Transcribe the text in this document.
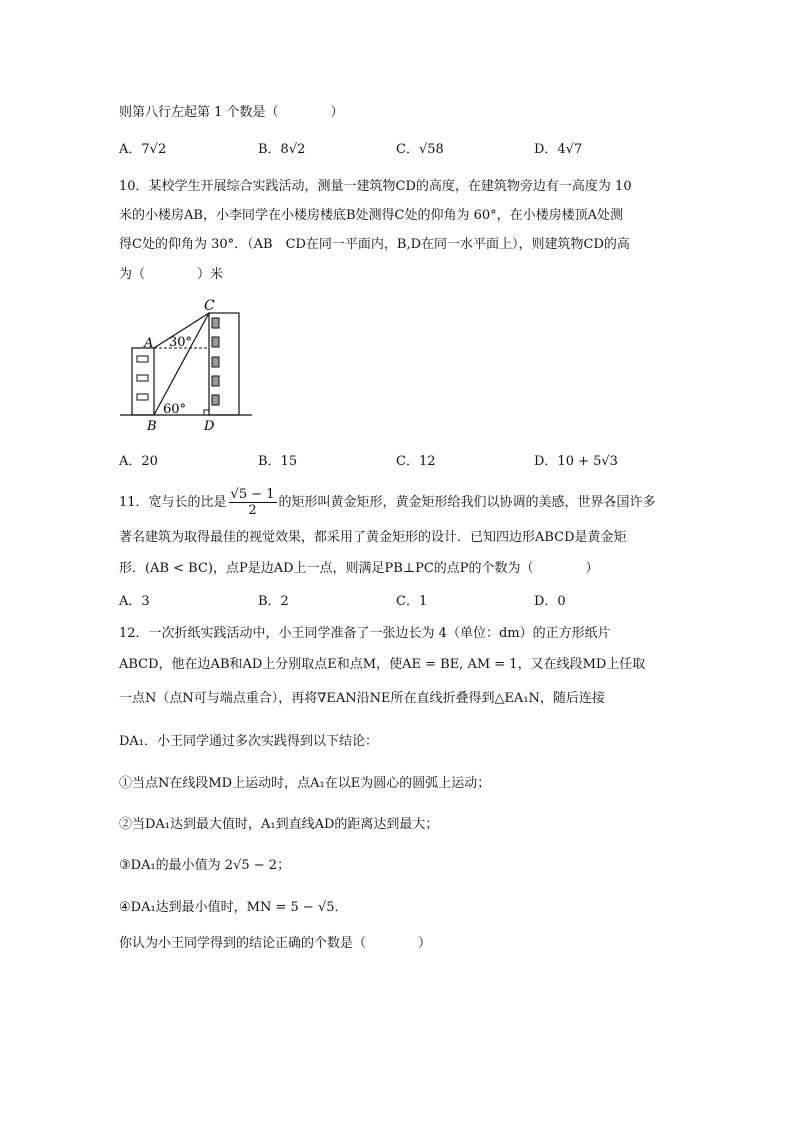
则第八行左起第 1 个数是（　　　　）
A．7√2	B．8√2	C．√58	D．4√7
10．某校学生开展综合实践活动，测量一建筑物CD的高度，在建筑物旁边有一高度为 10
米的小楼房AB，小李同学在小楼房楼底B处测得C处的仰角为 60°，在小楼房楼顶A处测
得C处的仰角为 30°．（AB　CD在同一平面内，B,D在同一水平面上），则建筑物CD的高
为（　　　　）米
C
A
B	D
30°
60°
A．20	B．15	C．12	D．10 + 5√3
11．宽与长的比是 $\frac{√5 - 1}{2}$ 的矩形叫黄金矩形，黄金矩形给我们以协调的美感，世界各国许多
著名建筑为取得最佳的视觉效果，都采用了黄金矩形的设计．已知四边形ABCD是黄金矩
形．(AB < BC)，点P是边AD上一点，则满足PB⊥PC的点P的个数为（　　　　）
A．3	B．2	C．1	D．0
12．一次折纸实践活动中，小王同学准备了一张边长为 4（单位：dm）的正方形纸片
ABCD，他在边AB和AD上分别取点E和点M，使AE = BE, AM = 1，又在线段MD上任取
一点N（点N可与端点重合），再将∇EAN沿NE所在直线折叠得到△EA₁N，随后连接
DA₁．小王同学通过多次实践得到以下结论：
①当点N在线段MD上运动时，点A₁在以E为圆心的圆弧上运动；
②当DA₁达到最大值时，A₁到直线AD的距离达到最大；
③DA₁的最小值为 2√5 − 2；
④DA₁达到最小值时，MN = 5 − √5．
你认为小王同学得到的结论正确的个数是（　　　　）
